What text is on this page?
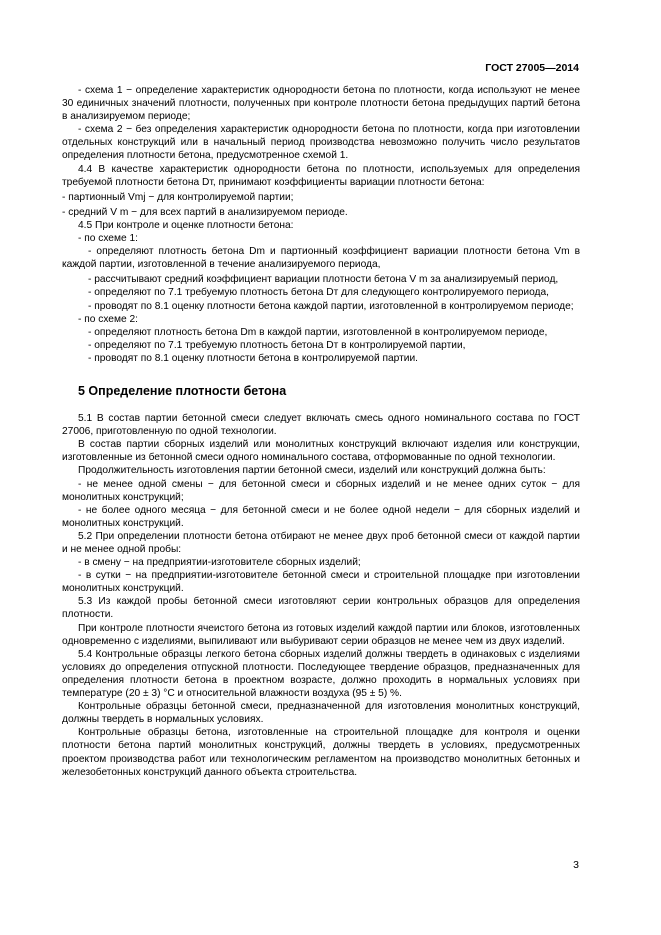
ГОСТ 27005—2014

- схема 1 − определение характеристик однородности бетона по плотности, когда используют не менее 30 единичных значений плотности, полученных при контроле плотности бетона предыдущих партий бетона в анализируемом периоде;

- схема 2 − без определения характеристик однородности бетона по плотности, когда при изготовлении отдельных конструкций или в начальный период производства невозможно получить число результатов определения плотности бетона, предусмотренное схемой 1.

4.4 В качестве характеристик однородности бетона по плотности, используемых для определения требуемой плотности бетона Dт, принимают коэффициенты вариации плотности бетона:

- партионный Vmj − для контролируемой партии;

- средний V m − для всех партий в анализируемом периоде.

4.5 При контроле и оценке плотности бетона:

- по схеме 1:

- определяют плотность бетона Dm и партионный коэффициент вариации плотности бетона Vm в каждой партии, изготовленной в течение анализируемого периода,

- рассчитывают средний коэффициент вариации плотности бетона V m за анализируемый период,

- определяют по 7.1 требуемую плотность бетона Dт для следующего контролируемого периода,

- проводят по 8.1 оценку плотности бетона каждой партии, изготовленной в контролируемом периоде;

- по схеме 2:

- определяют плотность бетона Dm в каждой партии, изготовленной в контролируемом периоде,

- определяют по 7.1 требуемую плотность бетона Dт в контролируемой партии,

- проводят по 8.1 оценку плотности бетона в контролируемой партии.

5 Определение плотности бетона

5.1 В состав партии бетонной смеси следует включать смесь одного номинального состава по ГОСТ 27006, приготовленную по одной технологии.

В состав партии сборных изделий или монолитных конструкций включают изделия или конструкции, изготовленные из бетонной смеси одного номинального состава, отформованные по одной технологии.

Продолжительность изготовления партии бетонной смеси, изделий или конструкций должна быть:

- не менее одной смены − для бетонной смеси и сборных изделий и не менее одних суток − для монолитных конструкций;

- не более одного месяца − для бетонной смеси и не более одной недели − для сборных изделий и монолитных конструкций.

5.2 При определении плотности бетона отбирают не менее двух проб бетонной смеси от каждой партии и не менее одной пробы:

- в смену − на предприятии-изготовителе сборных изделий;

- в сутки − на предприятии-изготовителе бетонной смеси и строительной площадке при изготовлении монолитных конструкций.

5.3 Из каждой пробы бетонной смеси изготовляют серии контрольных образцов для определения плотности.

При контроле плотности ячеистого бетона из готовых изделий каждой партии или блоков, изготовленных одновременно с изделиями, выпиливают или выбуривают серии образцов не менее чем из двух изделий.

5.4 Контрольные образцы легкого бетона сборных изделий должны твердеть в одинаковых с изделиями условиях до определения отпускной плотности. Последующее твердение образцов, предназначенных для определения плотности бетона в проектном возрасте, должно проходить в нормальных условиях при температуре (20 ± 3) °С и относительной влажности воздуха (95 ± 5) %.

Контрольные образцы бетонной смеси, предназначенной для изготовления монолитных конструкций, должны твердеть в нормальных условиях.

Контрольные образцы бетона, изготовленные на строительной площадке для контроля и оценки плотности бетона партий монолитных конструкций, должны твердеть в условиях, предусмотренных проектом производства работ или технологическим регламентом на производство монолитных бетонных и железобетонных конструкций данного объекта строительства.

3
